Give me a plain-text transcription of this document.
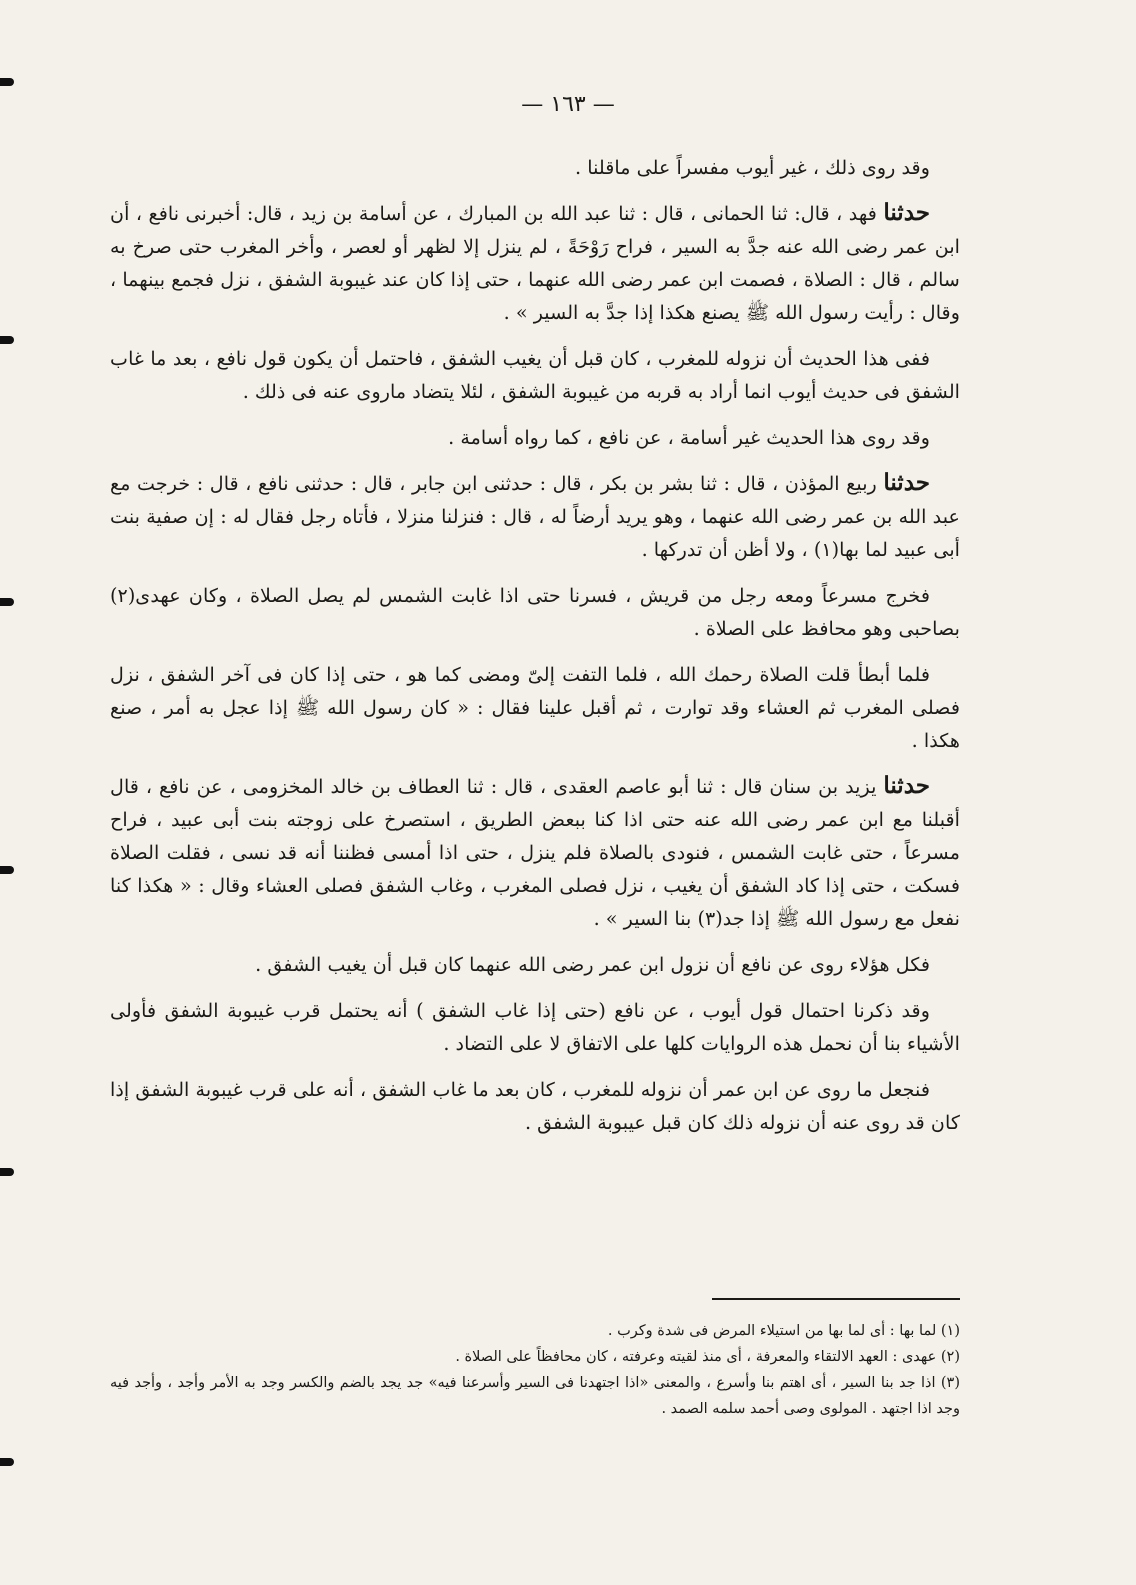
— ١٦٣ —

وقد روى ذلك ، غير أيوب مفسراً على ماقلنا .

حدثنا فهد ، قال: ثنا الحمانى ، قال : ثنا عبد الله بن المبارك ، عن أسامة بن زيد ، قال: أخبرنى نافع ، أن ابن عمر رضى الله عنه جدَّ به السير ، فراح رَوْحَةً ، لم ينزل إلا لظهر أو لعصر ، وأخر المغرب حتى صرخ به سالم ، قال : الصلاة ، فصمت ابن عمر رضى الله عنهما ، حتى إذا كان عند غيبوبة الشفق ، نزل فجمع بينهما ، وقال : رأيت رسول الله ﷺ يصنع هكذا إذا جدَّ به السير » .

ففى هذا الحديث أن نزوله للمغرب ، كان قبل أن يغيب الشفق ، فاحتمل أن يكون قول نافع ، بعد ما غاب الشفق فى حديث أيوب انما أراد به قربه من غيبوبة الشفق ، لئلا يتضاد ماروى عنه فى ذلك .

وقد روى هذا الحديث غير أسامة ، عن نافع ، كما رواه أسامة .

حدثنا ربيع المؤذن ، قال : ثنا بشر بن بكر ، قال : حدثنى ابن جابر ، قال : حدثنى نافع ، قال : خرجت مع عبد الله بن عمر رضى الله عنهما ، وهو يريد أرضاً له ، قال : فنزلنا منزلا ، فأتاه رجل فقال له : إن صفية بنت أبى عبيد لما بها(١) ، ولا أظن أن تدركها .

فخرج مسرعاً ومعه رجل من قريش ، فسرنا حتى اذا غابت الشمس لم يصل الصلاة ، وكان عهدى(٢) بصاحبى وهو محافظ على الصلاة .

فلما أبطأ قلت الصلاة رحمك الله ، فلما التفت إلىّ ومضى كما هو ، حتى إذا كان فى آخر الشفق ، نزل فصلى المغرب ثم العشاء وقد توارت ، ثم أقبل علينا فقال : « كان رسول الله ﷺ إذا عجل به أمر ، صنع هكذا .

حدثنا يزيد بن سنان قال : ثنا أبو عاصم العقدى ، قال : ثنا العطاف بن خالد المخزومى ، عن نافع ، قال أقبلنا مع ابن عمر رضى الله عنه حتى اذا كنا ببعض الطريق ، استصرخ على زوجته بنت أبى عبيد ، فراح مسرعاً ، حتى غابت الشمس ، فنودى بالصلاة فلم ينزل ، حتى اذا أمسى فظننا أنه قد نسى ، فقلت الصلاة فسكت ، حتى إذا كاد الشفق أن يغيب ، نزل فصلى المغرب ، وغاب الشفق فصلى العشاء وقال : « هكذا كنا نفعل مع رسول الله ﷺ إذا جد(٣) بنا السير » .

فكل هؤلاء روى عن نافع أن نزول ابن عمر رضى الله عنهما كان قبل أن يغيب الشفق .

وقد ذكرنا احتمال قول أيوب ، عن نافع (حتى إذا غاب الشفق ) أنه يحتمل قرب غيبوبة الشفق فأولى الأشياء بنا أن نحمل هذه الروايات كلها على الاتفاق لا على التضاد .

فنجعل ما روى عن ابن عمر أن نزوله للمغرب ، كان بعد ما غاب الشفق ، أنه على قرب غيبوبة الشفق إذا كان قد روى عنه أن نزوله ذلك كان قبل عيبوبة الشفق .

(١) لما بها : أى لما بها من استيلاء المرض فى شدة وكرب .

(٢) عهدى : العهد الالتقاء والمعرفة ، أى منذ لقيته وعرفته ، كان محافظاً على الصلاة .

(٣) اذا جد بنا السير ، أى اهتم بنا وأسرع ، والمعنى «اذا اجتهدنا فى السير وأسرعنا فيه» جد يجد بالضم والكسر وجد به الأمر وأجد ، وأجد فيه وجد اذا اجتهد . المولوى وصى أحمد سلمه الصمد .
